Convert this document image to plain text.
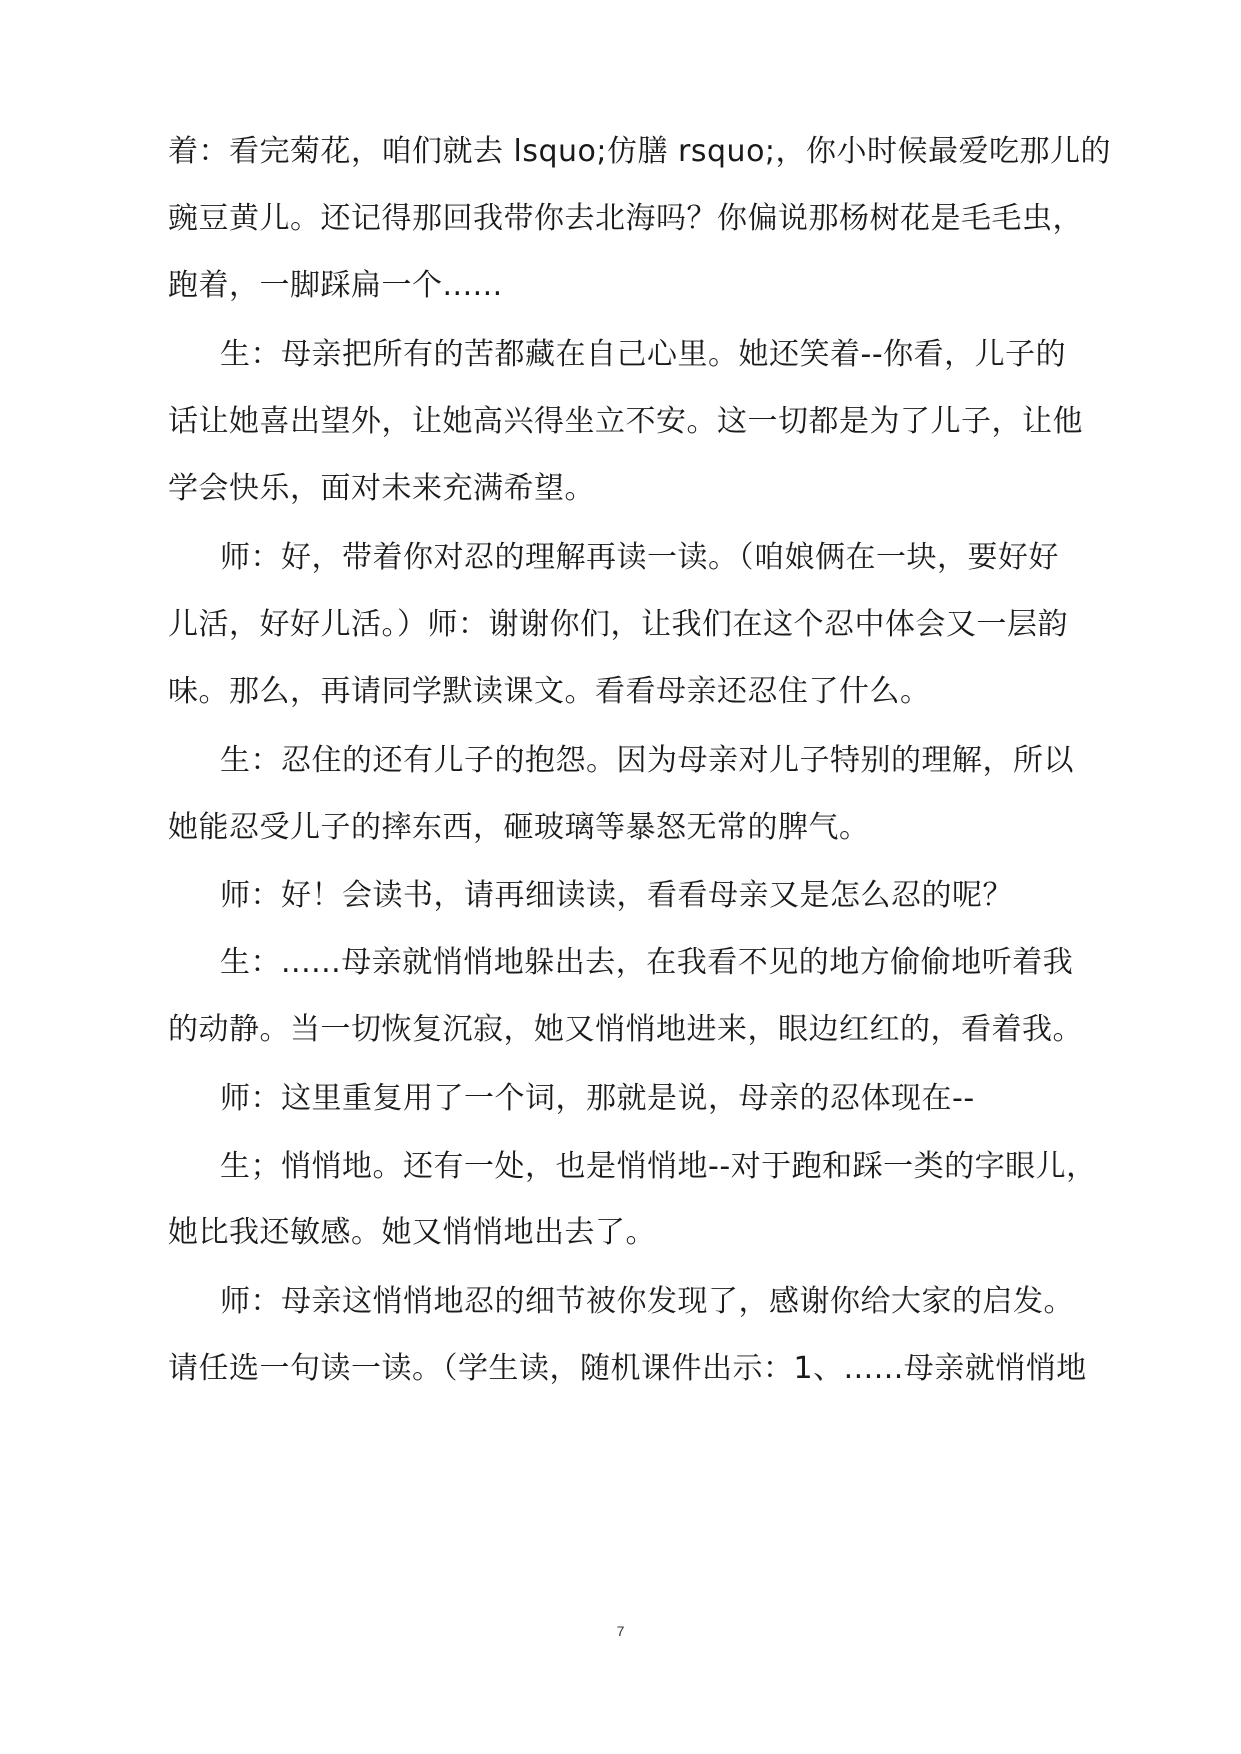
着：看完菊花，咱们就去 lsquo;仿膳 rsquo;，你小时候最爱吃那儿的
豌豆黄儿。还记得那回我带你去北海吗？你偏说那杨树花是毛毛虫，
跑着，一脚踩扁一个......
生：母亲把所有的苦都藏在自己心里。她还笑着--你看，儿子的
话让她喜出望外，让她高兴得坐立不安。这一切都是为了儿子，让他
学会快乐，面对未来充满希望。
师：好，带着你对忍的理解再读一读。（咱娘俩在一块，要好好
儿活，好好儿活。）师：谢谢你们，让我们在这个忍中体会又一层韵
味。那么，再请同学默读课文。看看母亲还忍住了什么。
生：忍住的还有儿子的抱怨。因为母亲对儿子特别的理解，所以
她能忍受儿子的摔东西，砸玻璃等暴怒无常的脾气。
师：好！会读书，请再细读读，看看母亲又是怎么忍的呢？
生：......母亲就悄悄地躲出去，在我看不见的地方偷偷地听着我
的动静。当一切恢复沉寂，她又悄悄地进来，眼边红红的，看着我。
师：这里重复用了一个词，那就是说，母亲的忍体现在--
生；悄悄地。还有一处，也是悄悄地--对于跑和踩一类的字眼儿，
她比我还敏感。她又悄悄地出去了。
师：母亲这悄悄地忍的细节被你发现了，感谢你给大家的启发。
请任选一句读一读。（学生读，随机课件出示：1、......母亲就悄悄地
7
